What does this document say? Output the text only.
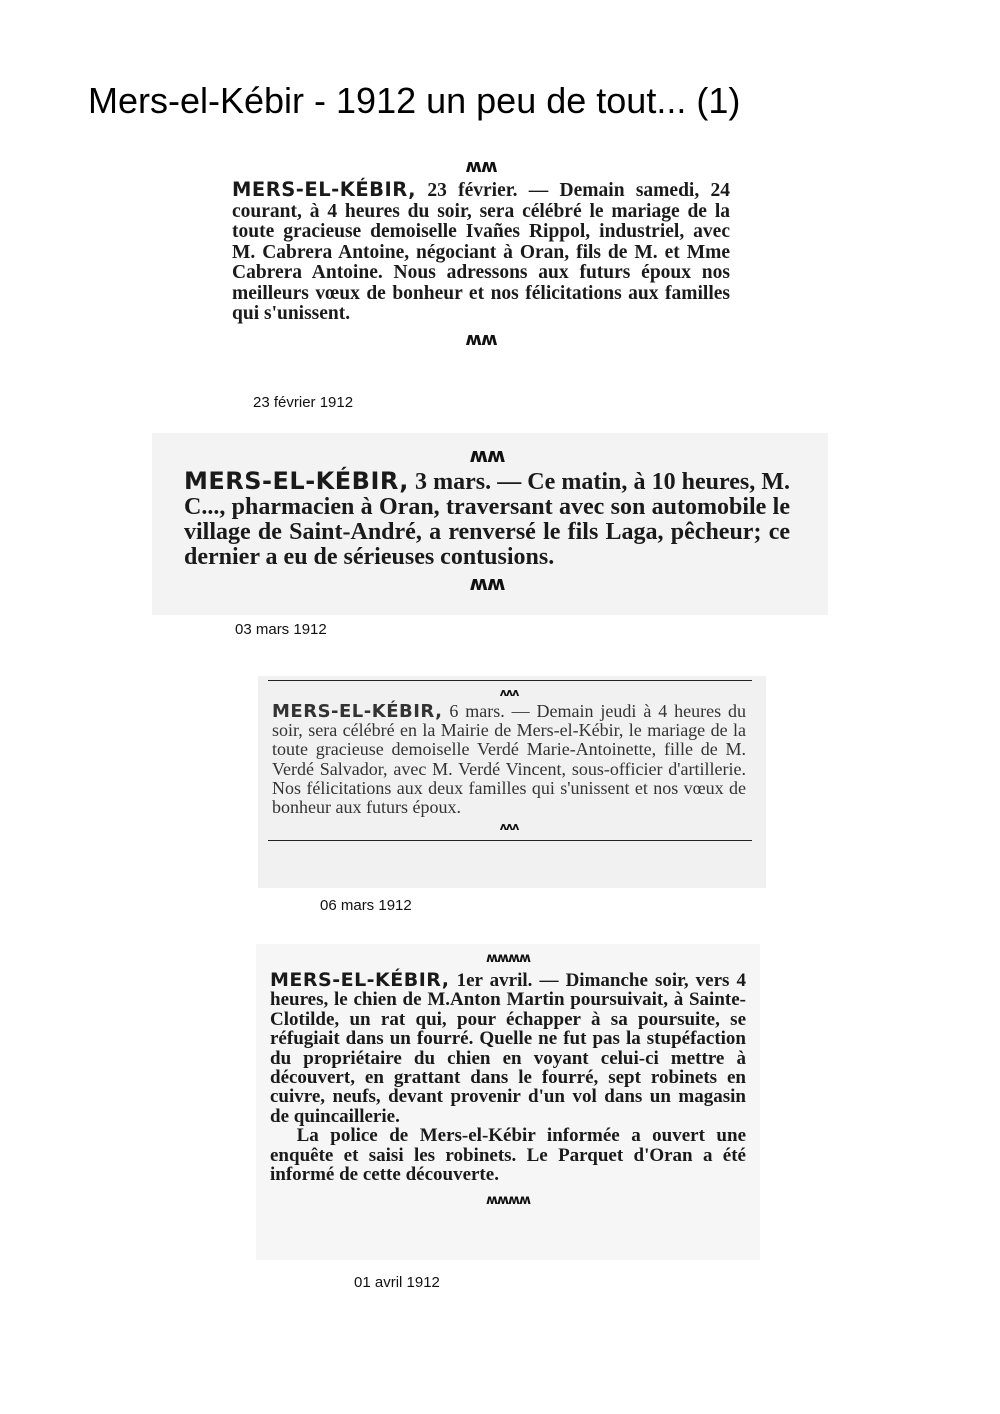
Mers-el-Kébir - 1912 un peu de tout... (1)
ʍʍ

MERS-EL-KÉBIR, 23 février. — Demain samedi, 24 courant, à 4 heures du soir, sera célébré le mariage de la toute gracieuse demoiselle Ivañes Rippol, industriel, avec M. Cabrera Antoine, négociant à Oran, fils de M. et Mme Cabrera Antoine. Nous adressons aux futurs époux nos meilleurs vœux de bonheur et nos félicitations aux familles qui s'unissent.

ʍʍ
23 février 1912
ʍʍ

MERS-EL-KÉBIR, 3 mars. — Ce matin, à 10 heures, M. C..., pharmacien à Oran, traversant avec son automobile le village de Saint-André, a renversé le fils Laga, pêcheur; ce dernier a eu de sérieuses contusions.

ʍʍ
03 mars 1912
ʌʌʌ

MERS-EL-KÉBIR, 6 mars. — Demain jeudi à 4 heures du soir, sera célébré en la Mairie de Mers-el-Kébir, le mariage de la toute gracieuse demoiselle Verdé Marie-Antoinette, fille de M. Verdé Salvador, avec M. Verdé Vincent, sous-officier d'artillerie. Nos félicitations aux deux familles qui s'unissent et nos vœux de bonheur aux futurs époux.

ʌʌʌ
06 mars 1912
ʍʍʍʍ

MERS-EL-KÉBIR, 1er avril. — Dimanche soir, vers 4 heures, le chien de M.Anton Martin poursuivait, à Sainte-Clotilde, un rat qui, pour échapper à sa poursuite, se réfugiait dans un fourré. Quelle ne fut pas la stupéfaction du propriétaire du chien en voyant celui-ci mettre à découvert, en grattant dans le fourré, sept robinets en cuivre, neufs, devant provenir d'un vol dans un magasin de quincaillerie.

La police de Mers-el-Kébir informée a ouvert une enquête et saisi les robinets. Le Parquet d'Oran a été informé de cette découverte.

ʍʍʍʍ
01 avril 1912
